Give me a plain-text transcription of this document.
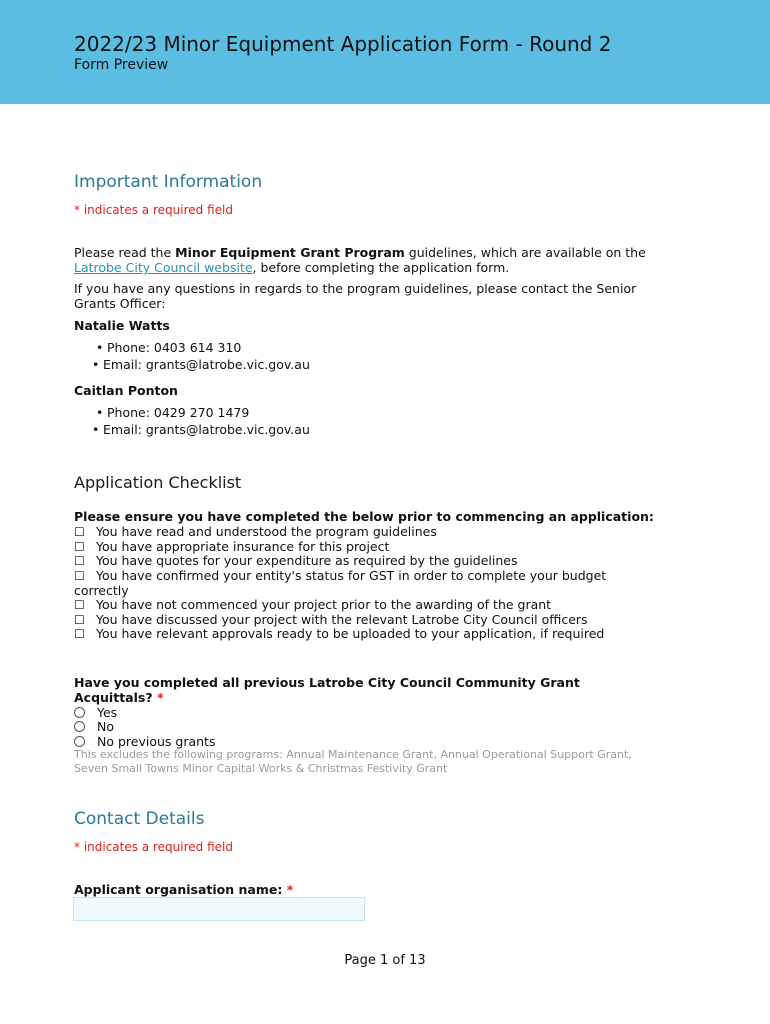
2022/23 Minor Equipment Application Form - Round 2
Form Preview
Important Information
* indicates a required field
Please read the Minor Equipment Grant Program guidelines, which are available on the
Latrobe City Council website, before completing the application form.
If you have any questions in regards to the program guidelines, please contact the Senior
Grants Officer:
Natalie Watts
• Phone: 0403 614 310
• Email: grants@latrobe.vic.gov.au
Caitlan Ponton
• Phone: 0429 270 1479
• Email: grants@latrobe.vic.gov.au
Application Checklist
Please ensure you have completed the below prior to commencing an application:
☐ You have read and understood the program guidelines
☐ You have appropriate insurance for this project
☐ You have quotes for your expenditure as required by the guidelines
☐ You have confirmed your entity's status for GST in order to complete your budget
correctly
☐ You have not commenced your project prior to the awarding of the grant
☐ You have discussed your project with the relevant Latrobe City Council officers
☐ You have relevant approvals ready to be uploaded to your application, if required
Have you completed all previous Latrobe City Council Community Grant
Acquittals? *
Yes
No
No previous grants
This excludes the following programs: Annual Maintenance Grant, Annual Operational Support Grant,
Seven Small Towns Minor Capital Works & Christmas Festivity Grant
Contact Details
* indicates a required field
Applicant organisation name: *
Page 1 of 13
